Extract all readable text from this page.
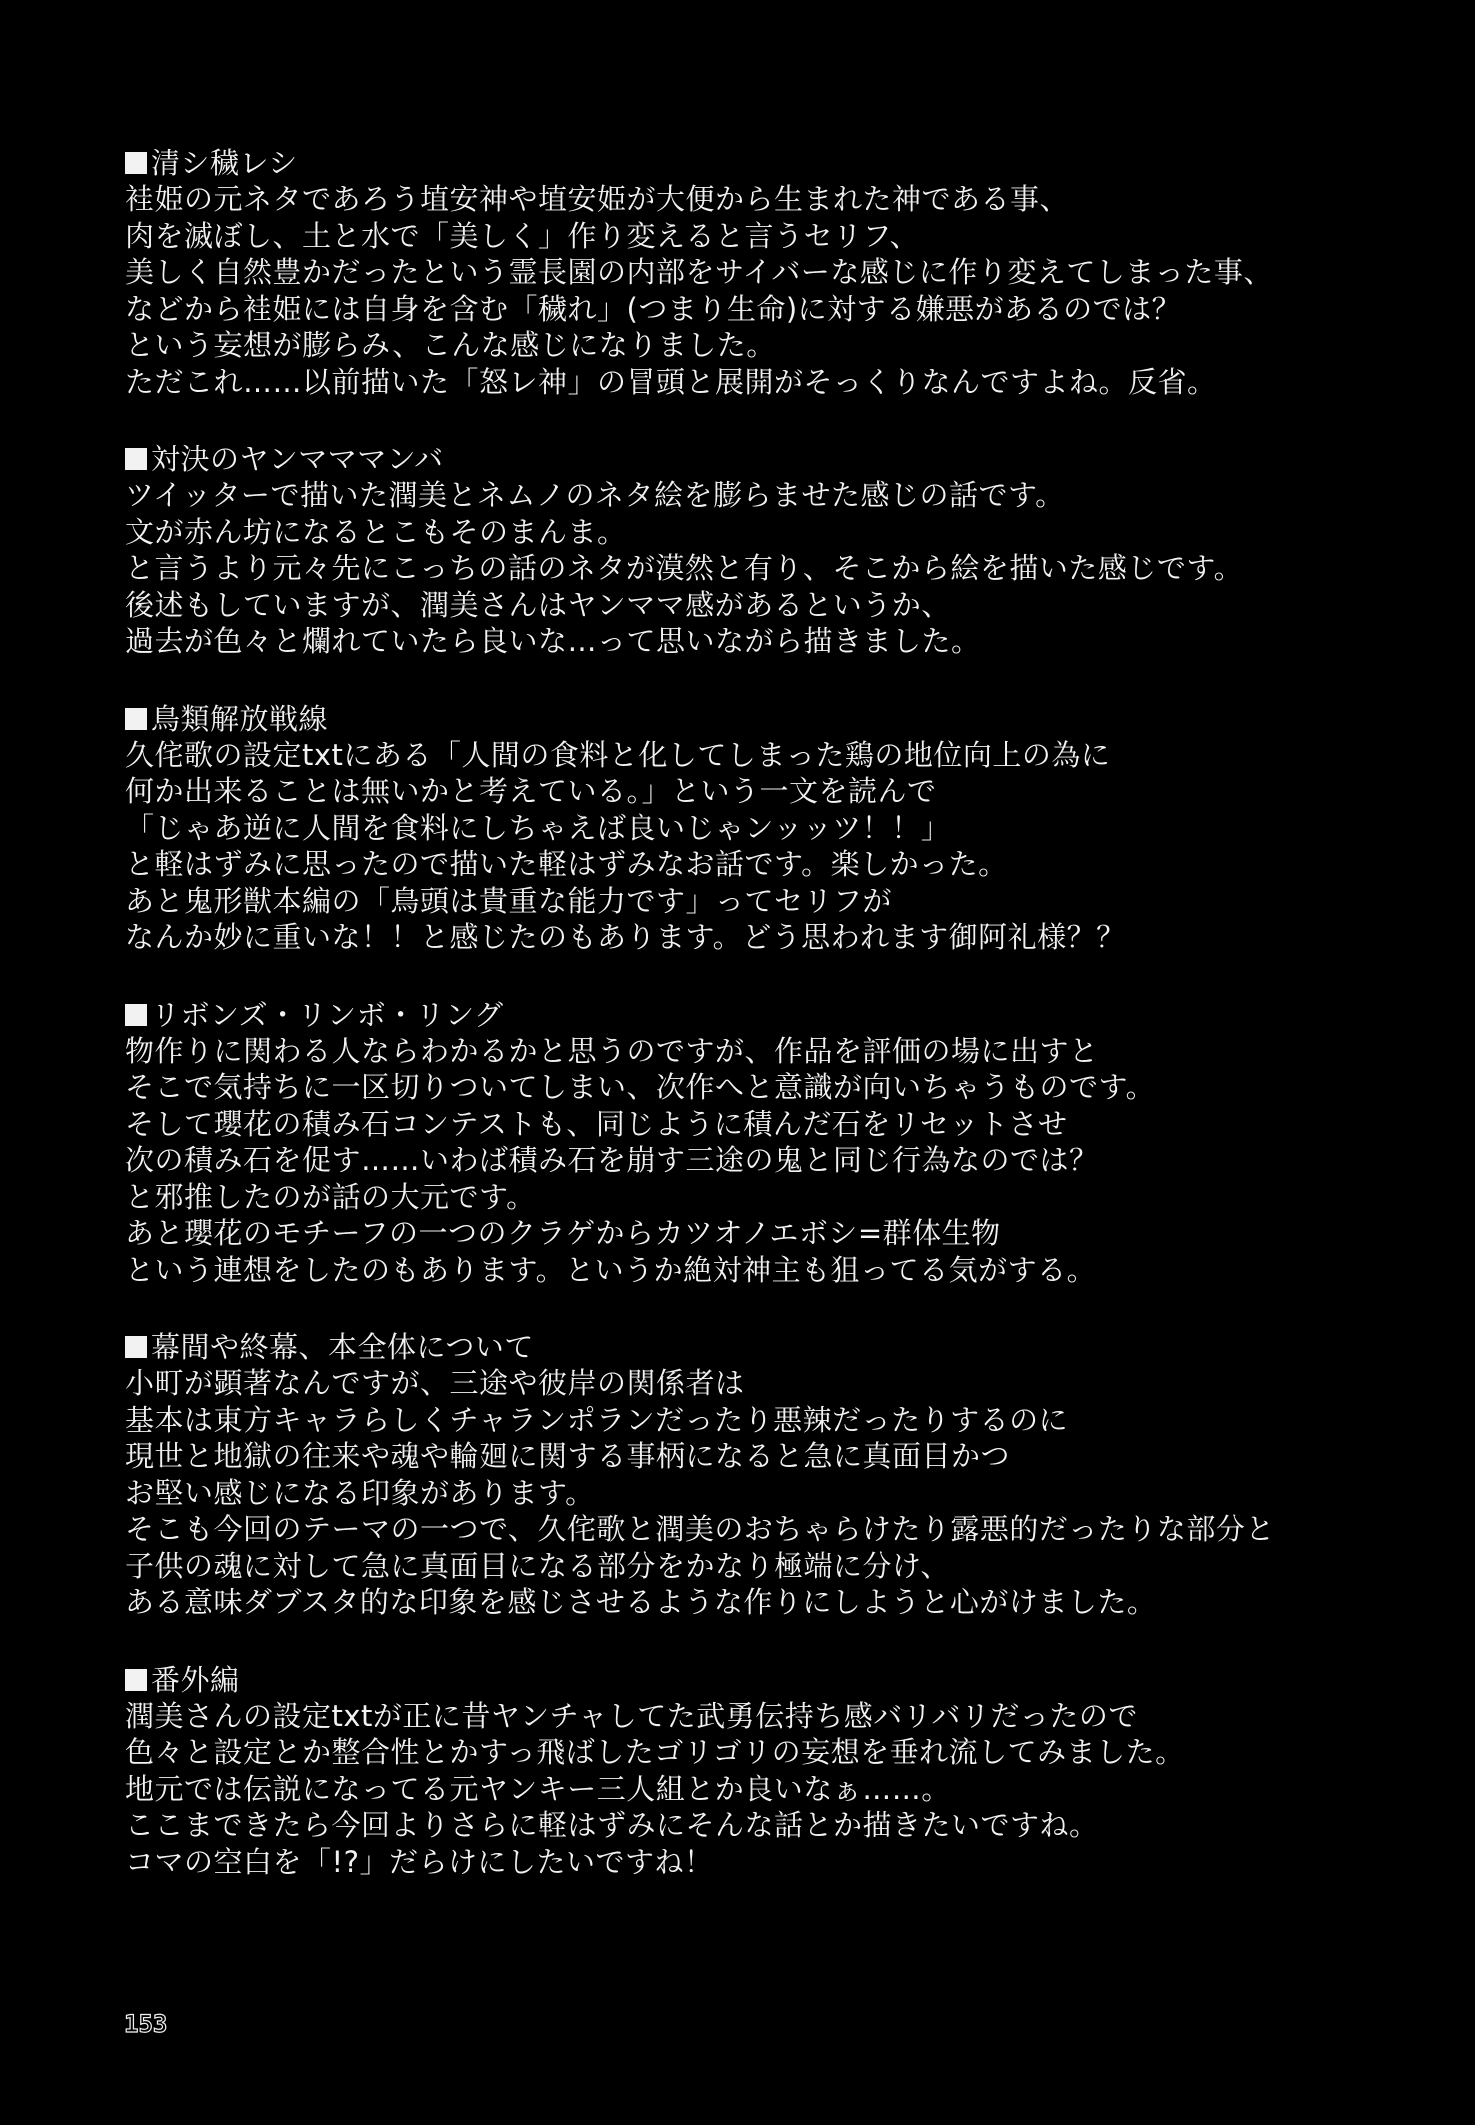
清シ穢レシ
袿姫の元ネタであろう埴安神や埴安姫が大便から生まれた神である事、
肉を滅ぼし、土と水で「美しく」作り変えると言うセリフ、
美しく自然豊かだったという霊長園の内部をサイバーな感じに作り変えてしまった事、
などから袿姫には自身を含む「穢れ」(つまり生命)に対する嫌悪があるのでは？
という妄想が膨らみ、こんな感じになりました。
ただこれ……以前描いた「怒レ神」の冒頭と展開がそっくりなんですよね。反省。
対決のヤンマママンバ
ツイッターで描いた潤美とネムノのネタ絵を膨らませた感じの話です。
文が赤ん坊になるとこもそのまんま。
と言うより元々先にこっちの話のネタが漠然と有り、そこから絵を描いた感じです。
後述もしていますが、潤美さんはヤンママ感があるというか、
過去が色々と爛れていたら良いな…って思いながら描きました。
鳥類解放戦線
久侘歌の設定txtにある「人間の食料と化してしまった鶏の地位向上の為に
何か出来ることは無いかと考えている。」という一文を読んで
「じゃあ逆に人間を食料にしちゃえば良いじゃンッッツ！！」
と軽はずみに思ったので描いた軽はずみなお話です。楽しかった。
あと鬼形獣本編の「鳥頭は貴重な能力です」ってセリフが
なんか妙に重いな！！と感じたのもあります。どう思われます御阿礼様？？
リボンズ・リンボ・リング
物作りに関わる人ならわかるかと思うのですが、作品を評価の場に出すと
そこで気持ちに一区切りついてしまい、次作へと意識が向いちゃうものです。
そして瓔花の積み石コンテストも、同じように積んだ石をリセットさせ
次の積み石を促す……いわば積み石を崩す三途の鬼と同じ行為なのでは？
と邪推したのが話の大元です。
あと瓔花のモチーフの一つのクラゲからカツオノエボシ=群体生物
という連想をしたのもあります。というか絶対神主も狙ってる気がする。
幕間や終幕、本全体について
小町が顕著なんですが、三途や彼岸の関係者は
基本は東方キャラらしくチャランポランだったり悪辣だったりするのに
現世と地獄の往来や魂や輪廻に関する事柄になると急に真面目かつ
お堅い感じになる印象があります。
そこも今回のテーマの一つで、久侘歌と潤美のおちゃらけたり露悪的だったりな部分と
子供の魂に対して急に真面目になる部分をかなり極端に分け、
ある意味ダブスタ的な印象を感じさせるような作りにしようと心がけました。
番外編
潤美さんの設定txtが正に昔ヤンチャしてた武勇伝持ち感バリバリだったので
色々と設定とか整合性とかすっ飛ばしたゴリゴリの妄想を垂れ流してみました。
地元では伝説になってる元ヤンキー三人組とか良いなぁ……。
ここまできたら今回よりさらに軽はずみにそんな話とか描きたいですね。
コマの空白を「!?」だらけにしたいですね！
153
